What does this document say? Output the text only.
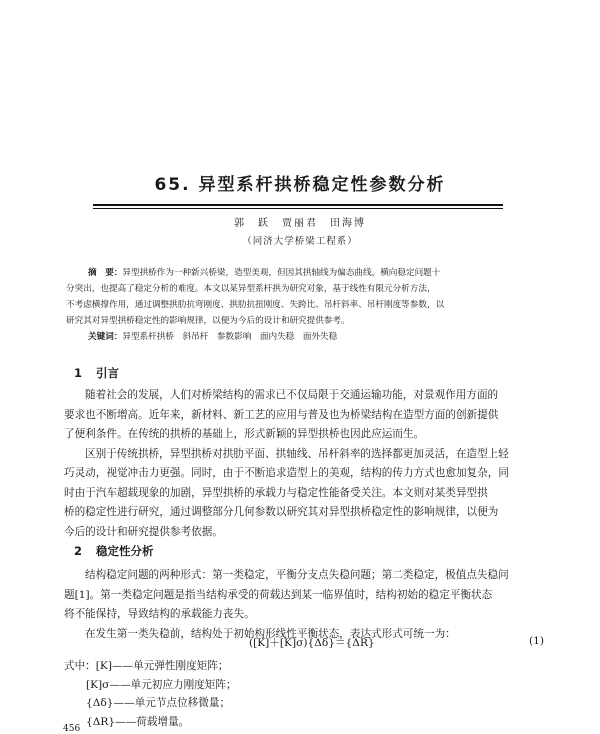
65. 异型系杆拱桥稳定性参数分析
郭　跃　贾丽君　田海博
（同济大学桥梁工程系）
摘　要：异型拱桥作为一种新兴桥梁，造型美观，但因其拱轴线为偏态曲线，横向稳定问题十
分突出，也提高了稳定分析的难度。本文以某异型系杆拱为研究对象，基于线性有限元分析方法，
不考虑横撑作用，通过调整拱肋抗弯刚度、拱肋抗扭刚度、失跨比、吊杆斜率、吊杆刚度等参数，以
研究其对异型拱桥稳定性的影响规律，以便为今后的设计和研究提供参考。
关键词：异型系杆拱桥　斜吊杆　参数影响　面内失稳　面外失稳
1 引言
随着社会的发展，人们对桥梁结构的需求已不仅局限于交通运输功能，对景观作用方面的
要求也不断增高。近年来，新材料、新工艺的应用与普及也为桥梁结构在造型方面的创新提供
了便利条件。在传统的拱桥的基础上，形式新颖的异型拱桥也因此应运而生。
区别于传统拱桥，异型拱桥对拱肋平面、拱轴线、吊杆斜率的选择都更加灵活，在造型上轻
巧灵动，视觉冲击力更强。同时，由于不断追求造型上的美观，结构的传力方式也愈加复杂，同
时由于汽车超载现象的加剧，异型拱桥的承载力与稳定性能备受关注。本文则对某类异型拱
桥的稳定性进行研究，通过调整部分几何参数以研究其对异型拱桥稳定性的影响规律，以便为
今后的设计和研究提供参考依据。
2 稳定性分析
结构稳定问题的两种形式：第一类稳定，平衡分支点失稳问题；第二类稳定，极值点失稳问
题[1]。第一类稳定问题是指当结构承受的荷载达到某一临界值时，结构初始的稳定平衡状态
将不能保持，导致结构的承载能力丧失。
在发生第一类失稳前，结构处于初始构形线性平衡状态，表达式形式可统一为：
([K]＋[K]σ){Δδ}＝{ΔR}	(1)
式中：[K]——单元弹性刚度矩阵；
[K]σ——单元初应力刚度矩阵；
{Δδ}——单元节点位移微量；
{ΔR}——荷载增量。
456
